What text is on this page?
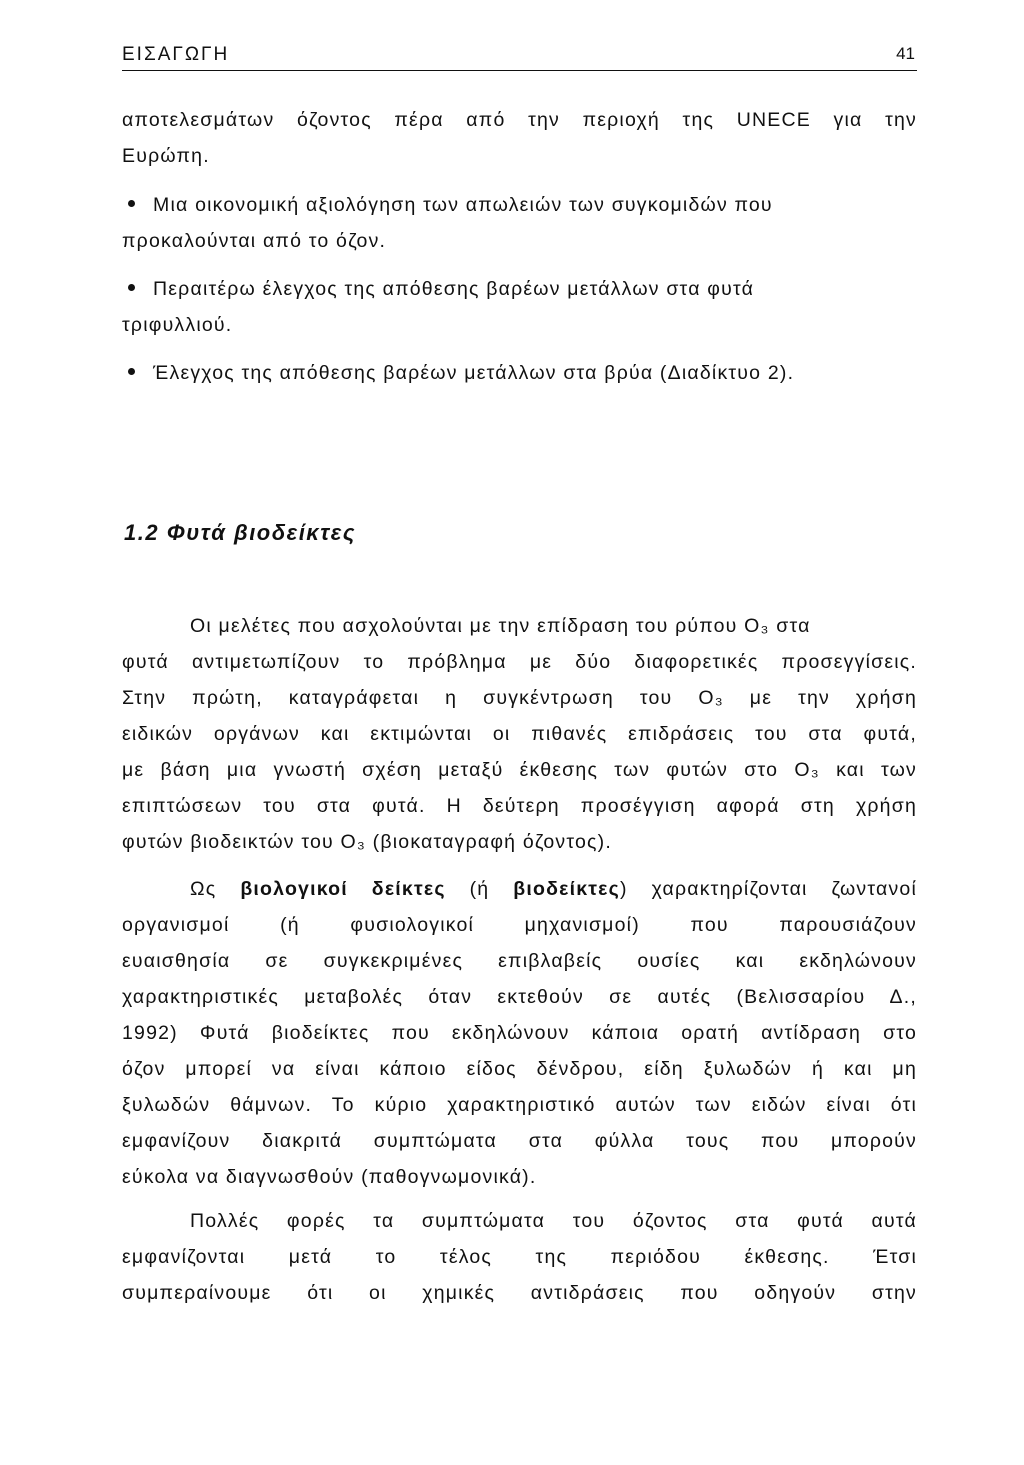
ΕΙΣΑΓΩΓΗ	41
αποτελεσμάτων όζοντος πέρα από την περιοχή της UNECE για την
Ευρώπη.
Μια οικονομική αξιολόγηση των απωλειών των συγκομιδών που
προκαλούνται από το όζον.
Περαιτέρω έλεγχος της απόθεσης βαρέων μετάλλων στα φυτά
τριφυλλιού.
Έλεγχος της απόθεσης βαρέων μετάλλων στα βρύα (Διαδίκτυο 2).
1.2 Φυτά βιοδείκτες
Οι μελέτες που ασχολούνται με την επίδραση του ρύπου O₃ στα
φυτά αντιμετωπίζουν το πρόβλημα με δύο διαφορετικές προσεγγίσεις.
Στην πρώτη, καταγράφεται η συγκέντρωση του O₃ με την χρήση
ειδικών οργάνων και εκτιμώνται οι πιθανές επιδράσεις του στα φυτά,
με βάση μια γνωστή σχέση μεταξύ έκθεσης των φυτών στο O₃ και των
επιπτώσεων του στα φυτά. Η δεύτερη προσέγγιση αφορά στη χρήση
φυτών βιοδεικτών του O₃ (βιοκαταγραφή όζοντος).
Ως βιολογικοί δείκτες (ή βιοδείκτες) χαρακτηρίζονται ζωντανοί
οργανισμοί (ή φυσιολογικοί μηχανισμοί) που παρουσιάζουν
ευαισθησία σε συγκεκριμένες επιβλαβείς ουσίες και εκδηλώνουν
χαρακτηριστικές μεταβολές όταν εκτεθούν σε αυτές (Βελισσαρίου Δ.,
1992) Φυτά βιοδείκτες που εκδηλώνουν κάποια ορατή αντίδραση στο
όζον μπορεί να είναι κάποιο είδος δένδρου, είδη ξυλωδών ή και μη
ξυλωδών θάμνων. Το κύριο χαρακτηριστικό αυτών των ειδών είναι ότι
εμφανίζουν διακριτά συμπτώματα στα φύλλα τους που μπορούν
εύκολα να διαγνωσθούν (παθογνωμονικά).
Πολλές φορές τα συμπτώματα του όζοντος στα φυτά αυτά
εμφανίζονται μετά το τέλος της περιόδου έκθεσης. Έτσι
συμπεραίνουμε ότι οι χημικές αντιδράσεις που οδηγούν στην
